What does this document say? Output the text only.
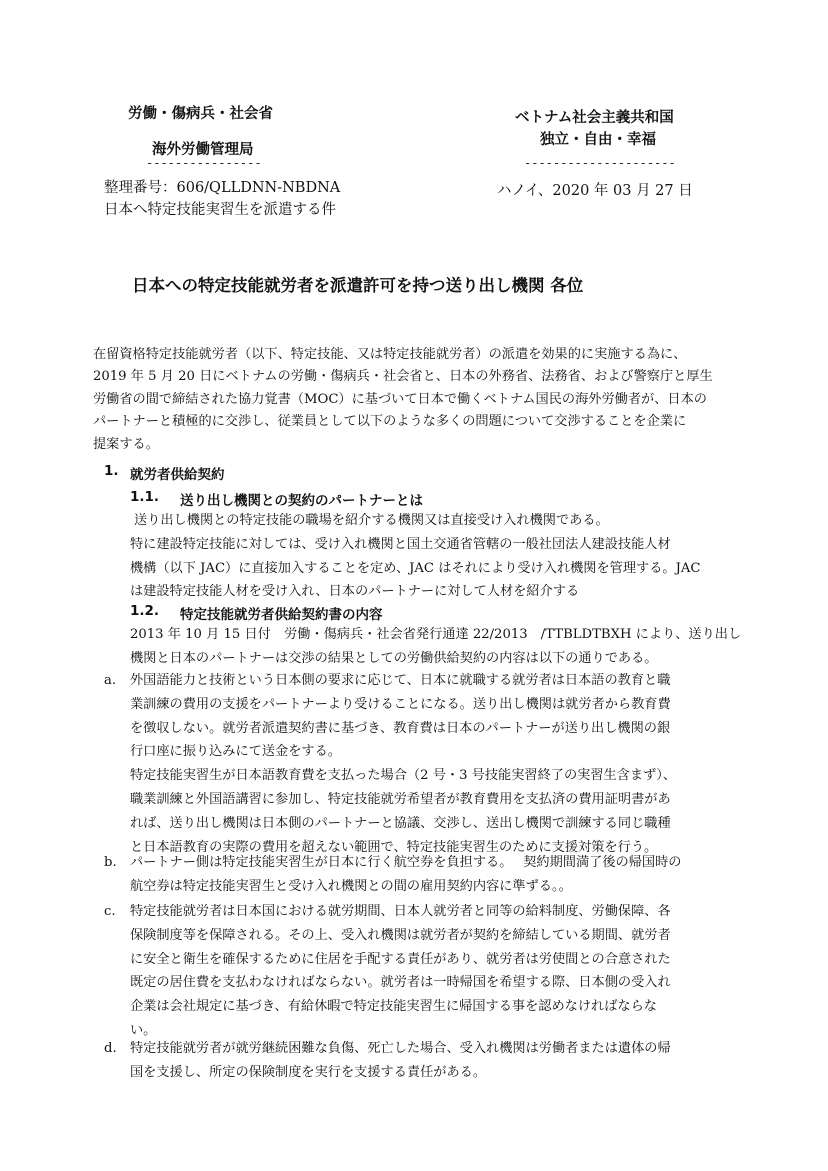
労働・傷病兵・社会省
海外労働管理局
----------------
整理番号：606/QLLDNN-NBDNA
日本へ特定技能実習生を派遣する件
ベトナム社会主義共和国
独立・自由・幸福
---------------------
ハノイ、2020 年 03 月 27 日
日本への特定技能就労者を派遣許可を持つ送り出し機関 各位
在留資格特定技能就労者（以下、特定技能、又は特定技能就労者）の派遣を効果的に実施する為に、
2019 年 5 月 20 日にベトナムの労働・傷病兵・社会省と、日本の外務省、法務省、および警察庁と厚生
労働省の間で締結された協力覚書（MOC）に基づいて日本で働くベトナム国民の海外労働者が、日本の
パートナーと積極的に交渉し、従業員として以下のような多くの問題について交渉することを企業に
提案する。
1. 就労者供給契約
1.1. 送り出し機関との契約のパートナーとは
送り出し機関との特定技能の職場を紹介する機関又は直接受け入れ機関である。
特に建設特定技能に対しては、受け入れ機関と国土交通省管轄の一般社団法人建設技能人材
機構（以下 JAC）に直接加入することを定め、JAC はそれにより受け入れ機関を管理する。JAC
は建設特定技能人材を受け入れ、日本のパートナーに対して人材を紹介する
1.2. 特定技能就労者供給契約書の内容
2013 年 10 月 15 日付　労働・傷病兵・社会省発行通達 22/2013　/TTBLDTBXH により、送り出し
機関と日本のパートナーは交渉の結果としての労働供給契約の内容は以下の通りである。
a. 外国語能力と技術という日本側の要求に応じて、日本に就職する就労者は日本語の教育と職
業訓練の費用の支援をパートナーより受けることになる。送り出し機関は就労者から教育費
を徴収しない。就労者派遣契約書に基づき、教育費は日本のパートナーが送り出し機関の銀
行口座に振り込みにて送金をする。
特定技能実習生が日本語教育費を支払った場合（2 号・3 号技能実習終了の実習生含まず）、
職業訓練と外国語講習に参加し、特定技能就労希望者が教育費用を支払済の費用証明書があ
れば、送り出し機関は日本側のパートナーと協議、交渉し、送出し機関で訓練する同じ職種
と日本語教育の実際の費用を超えない範囲で、特定技能実習生のために支援対策を行う。
b. パートナー側は特定技能実習生が日本に行く航空券を負担する。　 契約期間満了後の帰国時の
航空券は特定技能実習生と受け入れ機関との間の雇用契約内容に準ずる。。
c. 特定技能就労者は日本国における就労期間、日本人就労者と同等の給料制度、労働保障、各
保険制度等を保障される。その上、受入れ機関は就労者が契約を締結している期間、就労者
に安全と衛生を確保するために住居を手配する責任があり、就労者は労使間との合意された
既定の居住費を支払わなければならない。就労者は一時帰国を希望する際、日本側の受入れ
企業は会社規定に基づき、有給休暇で特定技能実習生に帰国する事を認めなければならな
い。
d. 特定技能就労者が就労継続困難な負傷、死亡した場合、受入れ機関は労働者または遺体の帰
国を支援し、所定の保険制度を実行を支援する責任がある。
